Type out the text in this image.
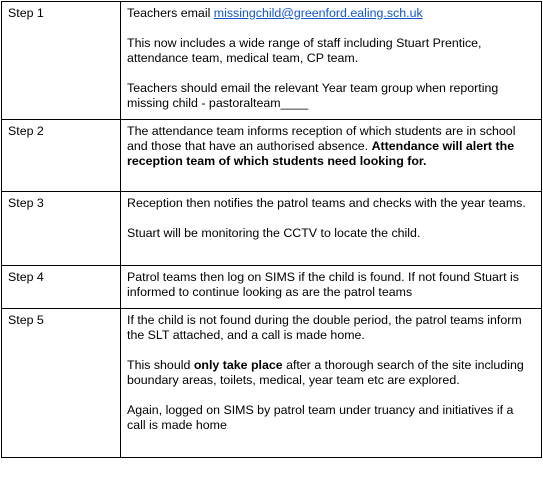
Step 1	Teachers email missingchild@greenford.ealing.sch.uk

This now includes a wide range of staff including Stuart Prentice, attendance team, medical team, CP team.

Teachers should email the relevant Year team group when reporting missing child - pastoralteam____

Step 2	The attendance team informs reception of which students are in school and those that have an authorised absence. Attendance will alert the reception team of which students need looking for.

Step 3	Reception then notifies the patrol teams and checks with the year teams.

Stuart will be monitoring the CCTV to locate the child.

Step 4	Patrol teams then log on SIMS if the child is found. If not found Stuart is informed to continue looking as are the patrol teams

Step 5	If the child is not found during the double period, the patrol teams inform the SLT attached, and a call is made home.

This should only take place after a thorough search of the site including boundary areas, toilets, medical, year team etc are explored.

Again, logged on SIMS by patrol team under truancy and initiatives if a call is made home
